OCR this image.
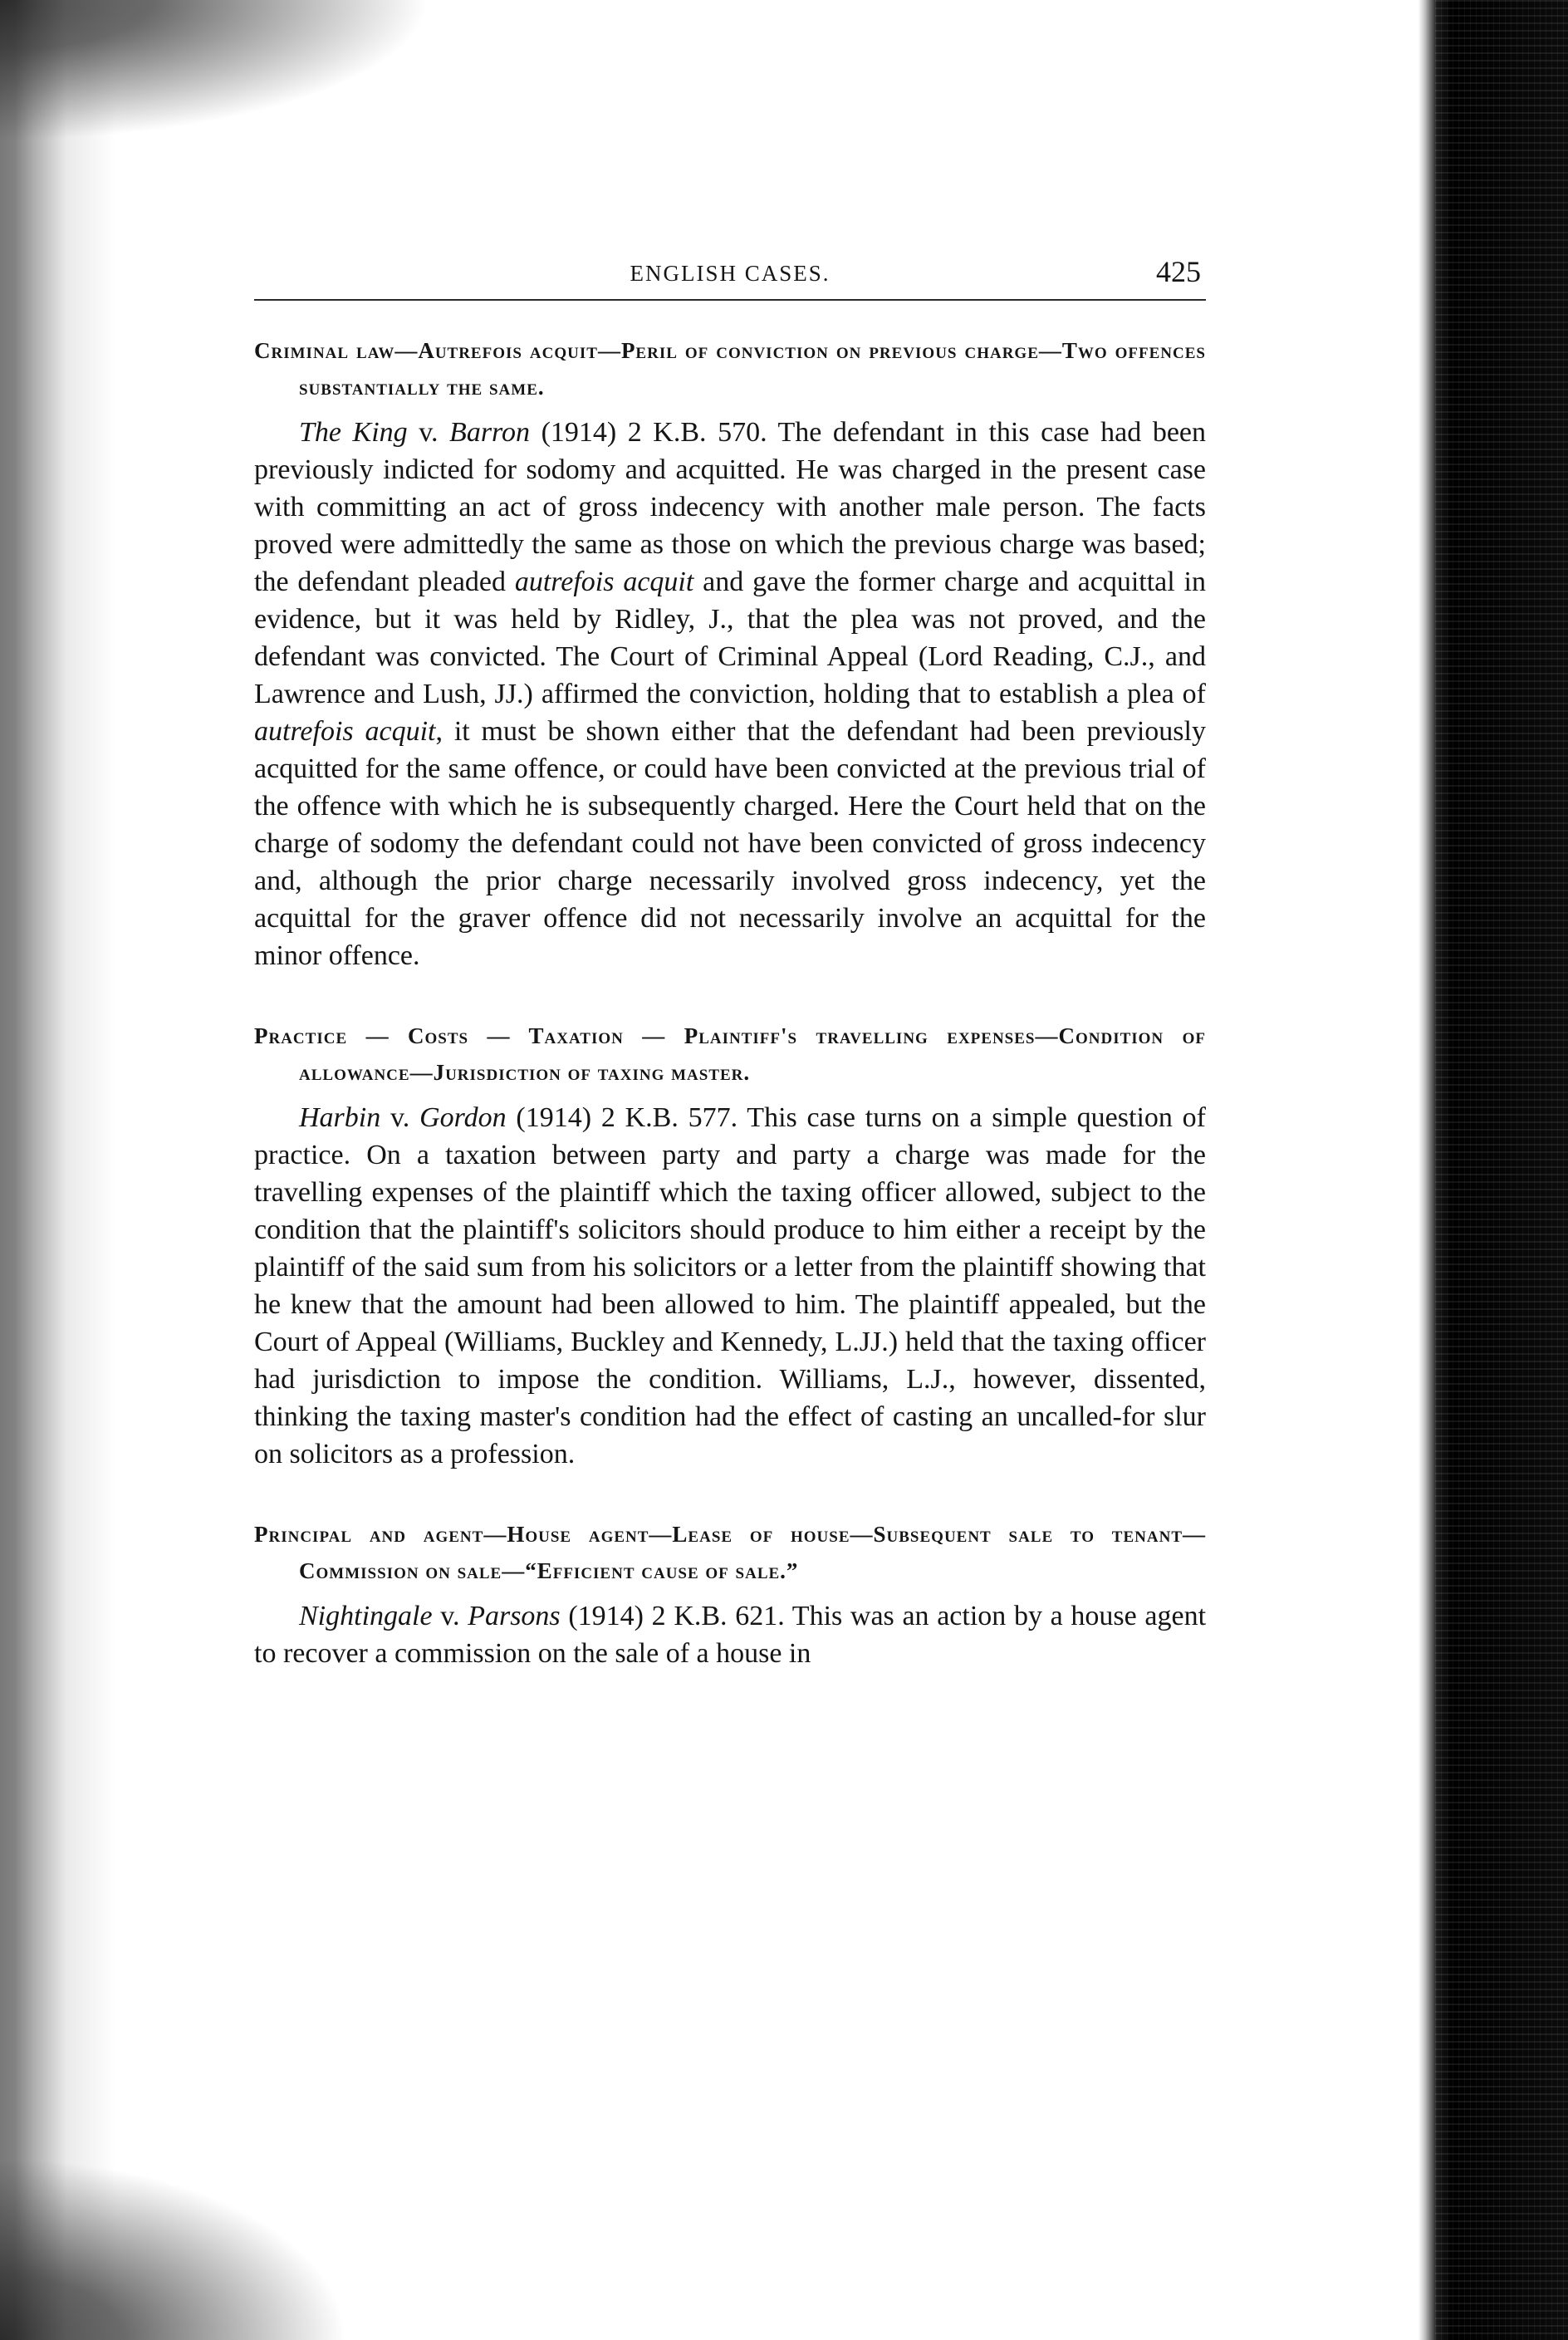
ENGLISH CASES.	425
Criminal law—Autrefois acquit—Peril of conviction on previous charge—Two offences substantially the same.

The King v. Barron (1914) 2 K.B. 570. The defendant in this case had been previously indicted for sodomy and acquitted. He was charged in the present case with committing an act of gross indecency with another male person. The facts proved were admittedly the same as those on which the previous charge was based; the defendant pleaded autrefois acquit and gave the former charge and acquittal in evidence, but it was held by Ridley, J., that the plea was not proved, and the defendant was convicted. The Court of Criminal Appeal (Lord Reading, C.J., and Lawrence and Lush, JJ.) affirmed the conviction, holding that to establish a plea of autrefois acquit, it must be shown either that the defendant had been previously acquitted for the same offence, or could have been convicted at the previous trial of the offence with which he is subsequently charged. Here the Court held that on the charge of sodomy the defendant could not have been convicted of gross indecency and, although the prior charge necessarily involved gross indecency, yet the acquittal for the graver offence did not necessarily involve an acquittal for the minor offence.

Practice — Costs — Taxation — Plaintiff's travelling expenses—Condition of allowance—Jurisdiction of taxing master.

Harbin v. Gordon (1914) 2 K.B. 577. This case turns on a simple question of practice. On a taxation between party and party a charge was made for the travelling expenses of the plaintiff which the taxing officer allowed, subject to the condition that the plaintiff's solicitors should produce to him either a receipt by the plaintiff of the said sum from his solicitors or a letter from the plaintiff showing that he knew that the amount had been allowed to him. The plaintiff appealed, but the Court of Appeal (Williams, Buckley and Kennedy, L.JJ.) held that the taxing officer had jurisdiction to impose the condition. Williams, L.J., however, dissented, thinking the taxing master's condition had the effect of casting an uncalled-for slur on solicitors as a profession.

Principal and agent—House agent—Lease of house—Subsequent sale to tenant—Commission on sale—“Efficient cause of sale.”

Nightingale v. Parsons (1914) 2 K.B. 621. This was an action by a house agent to recover a commission on the sale of a house in
